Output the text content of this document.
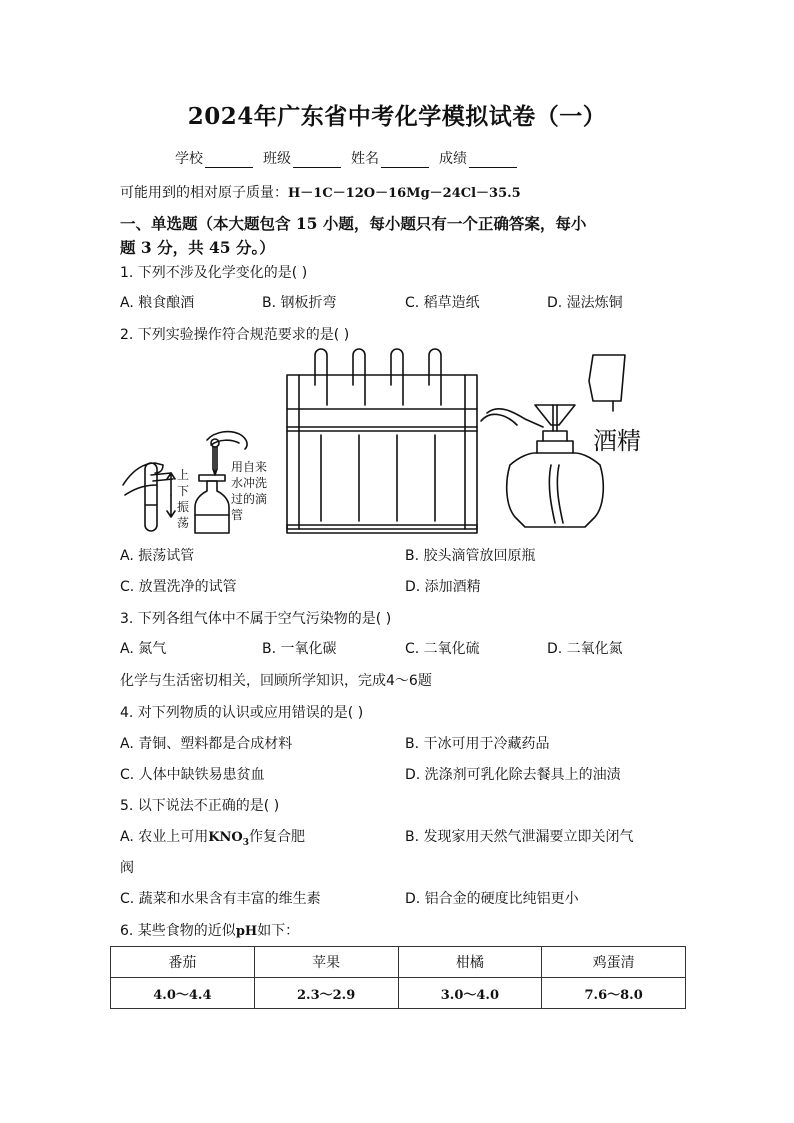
2024年广东省中考化学模拟试卷（一）
学校	班级	姓名	成绩
可能用到的相对原子质量：H－1C－12O－16Mg－24Cl－35.5
一、单选题（本大题包含 15 小题，每小题只有一个正确答案，每小
题 3 分，共 45 分。）
1. 下列不涉及化学变化的是( )
A. 粮食酿酒	B. 钢板折弯	C. 稻草造纸	D. 湿法炼铜
2. 下列实验操作符合规范要求的是( )
上
下
振
荡
用自来
水冲洗
过的滴
管
酒精
A. 振荡试管	B. 胶头滴管放回原瓶
C. 放置洗净的试管	D. 添加酒精
3. 下列各组气体中不属于空气污染物的是( )
A. 氮气	B. 一氧化碳	C. 二氧化硫	D. 二氧化氮
化学与生活密切相关，回顾所学知识，完成4～6题
4. 对下列物质的认识或应用错误的是( )
A. 青铜、塑料都是合成材料	B. 干冰可用于冷藏药品
C. 人体中缺铁易患贫血	D. 洗涤剂可乳化除去餐具上的油渍
5. 以下说法不正确的是( )
A. 农业上可用$KNO_3$作复合肥	B. 发现家用天然气泄漏要立即关闭气
阀
C. 蔬菜和水果含有丰富的维生素	D. 铝合金的硬度比纯铝更小
6. 某些食物的近似pH如下：
番茄	苹果	柑橘	鸡蛋清
4.0～4.4	2.3～2.9	3.0～4.0	7.6～8.0
